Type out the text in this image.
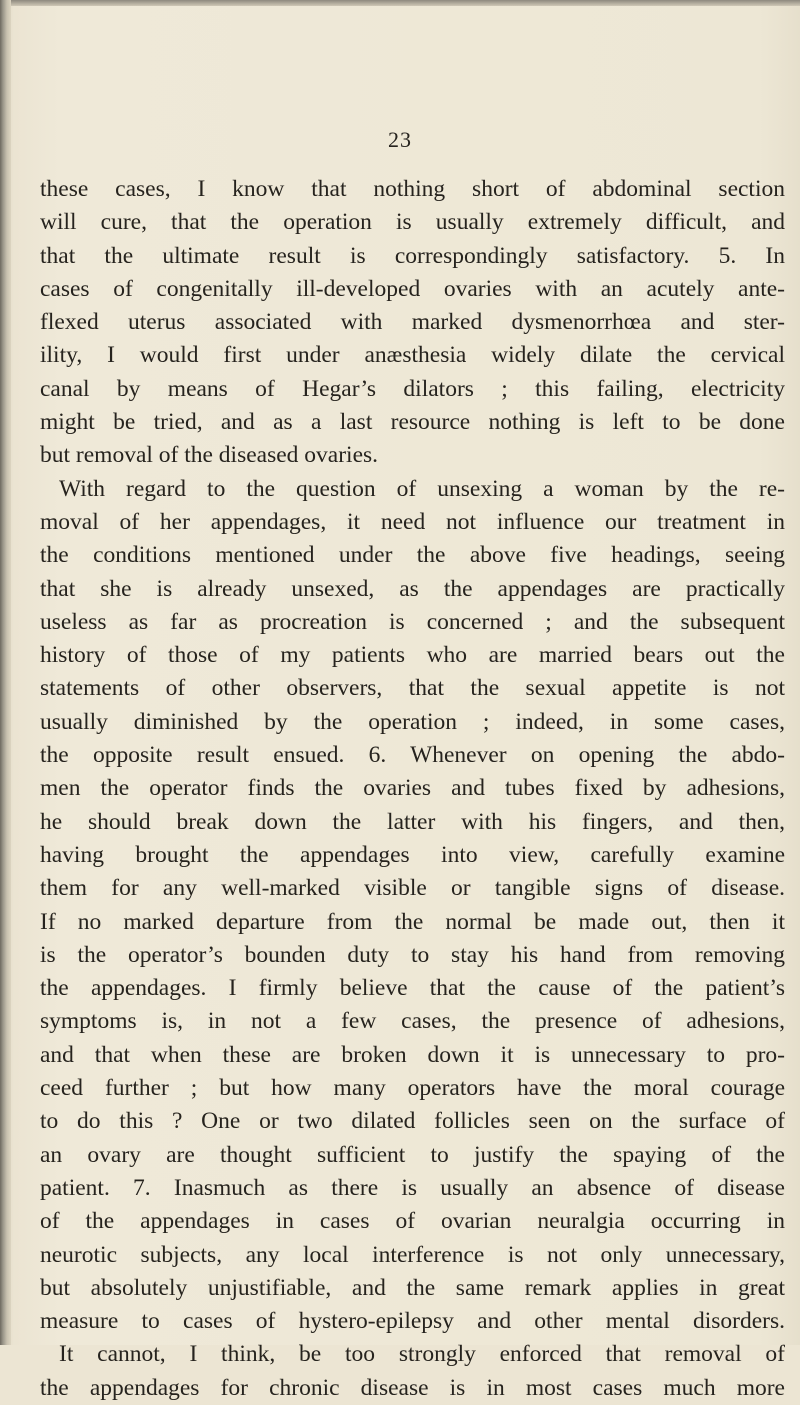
23
these cases, I know that nothing short of abdominal section
will cure, that the operation is usually extremely difficult, and
that the ultimate result is correspondingly satisfactory. 5. In
cases of congenitally ill-developed ovaries with an acutely ante-
flexed uterus associated with marked dysmenorrhœa and ster-
ility, I would first under anæsthesia widely dilate the cervical
canal by means of Hegar’s dilators ; this failing, electricity
might be tried, and as a last resource nothing is left to be done
but removal of the diseased ovaries.
With regard to the question of unsexing a woman by the re-
moval of her appendages, it need not influence our treatment in
the conditions mentioned under the above five headings, seeing
that she is already unsexed, as the appendages are practically
useless as far as procreation is concerned ; and the subsequent
history of those of my patients who are married bears out the
statements of other observers, that the sexual appetite is not
usually diminished by the operation ; indeed, in some cases,
the opposite result ensued. 6. Whenever on opening the abdo-
men the operator finds the ovaries and tubes fixed by adhesions,
he should break down the latter with his fingers, and then,
having brought the appendages into view, carefully examine
them for any well-marked visible or tangible signs of disease.
If no marked departure from the normal be made out, then it
is the operator’s bounden duty to stay his hand from removing
the appendages. I firmly believe that the cause of the patient’s
symptoms is, in not a few cases, the presence of adhesions,
and that when these are broken down it is unnecessary to pro-
ceed further ; but how many operators have the moral courage
to do this ? One or two dilated follicles seen on the surface of
an ovary are thought sufficient to justify the spaying of the
patient. 7. Inasmuch as there is usually an absence of disease
of the appendages in cases of ovarian neuralgia occurring in
neurotic subjects, any local interference is not only unnecessary,
but absolutely unjustifiable, and the same remark applies in great
measure to cases of hystero-epilepsy and other mental disorders.
It cannot, I think, be too strongly enforced that removal of
the appendages for chronic disease is in most cases much more
